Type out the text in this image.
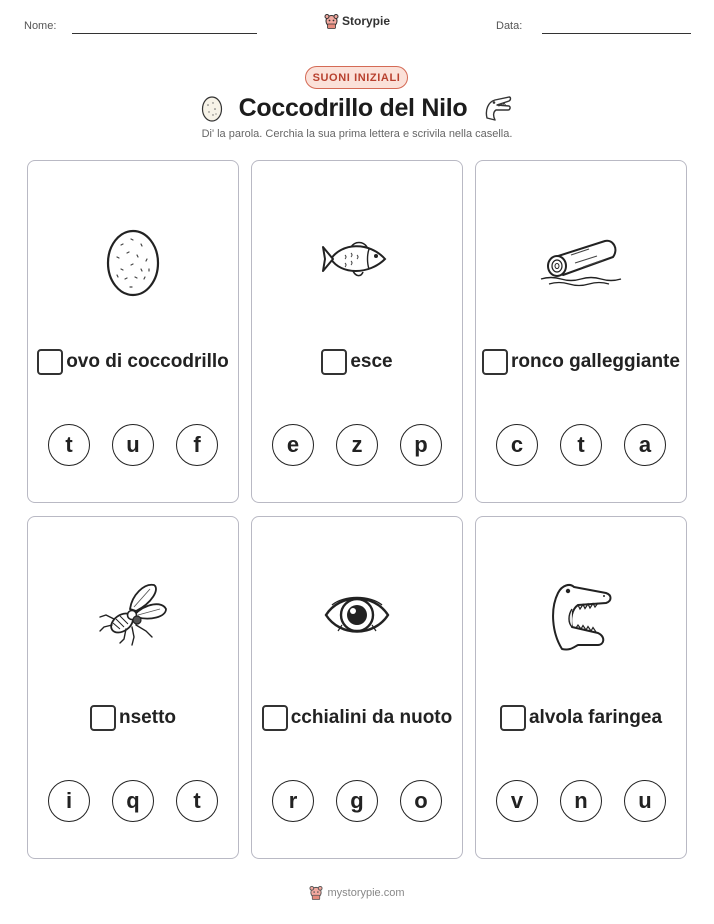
Nome:	Data:
Storypie
SUONI INIZIALI
Coccodrillo del Nilo
Di' la parola. Cerchia la sua prima lettera e scrivila nella casella.
ovo di coccodrillo
t	u	f
esce
e	z	p
ronco galleggiante
c	t	a
nsetto
i	q	t
cchialini da nuoto
r	g	o
alvola faringea
v	n	u
mystorypie.com
